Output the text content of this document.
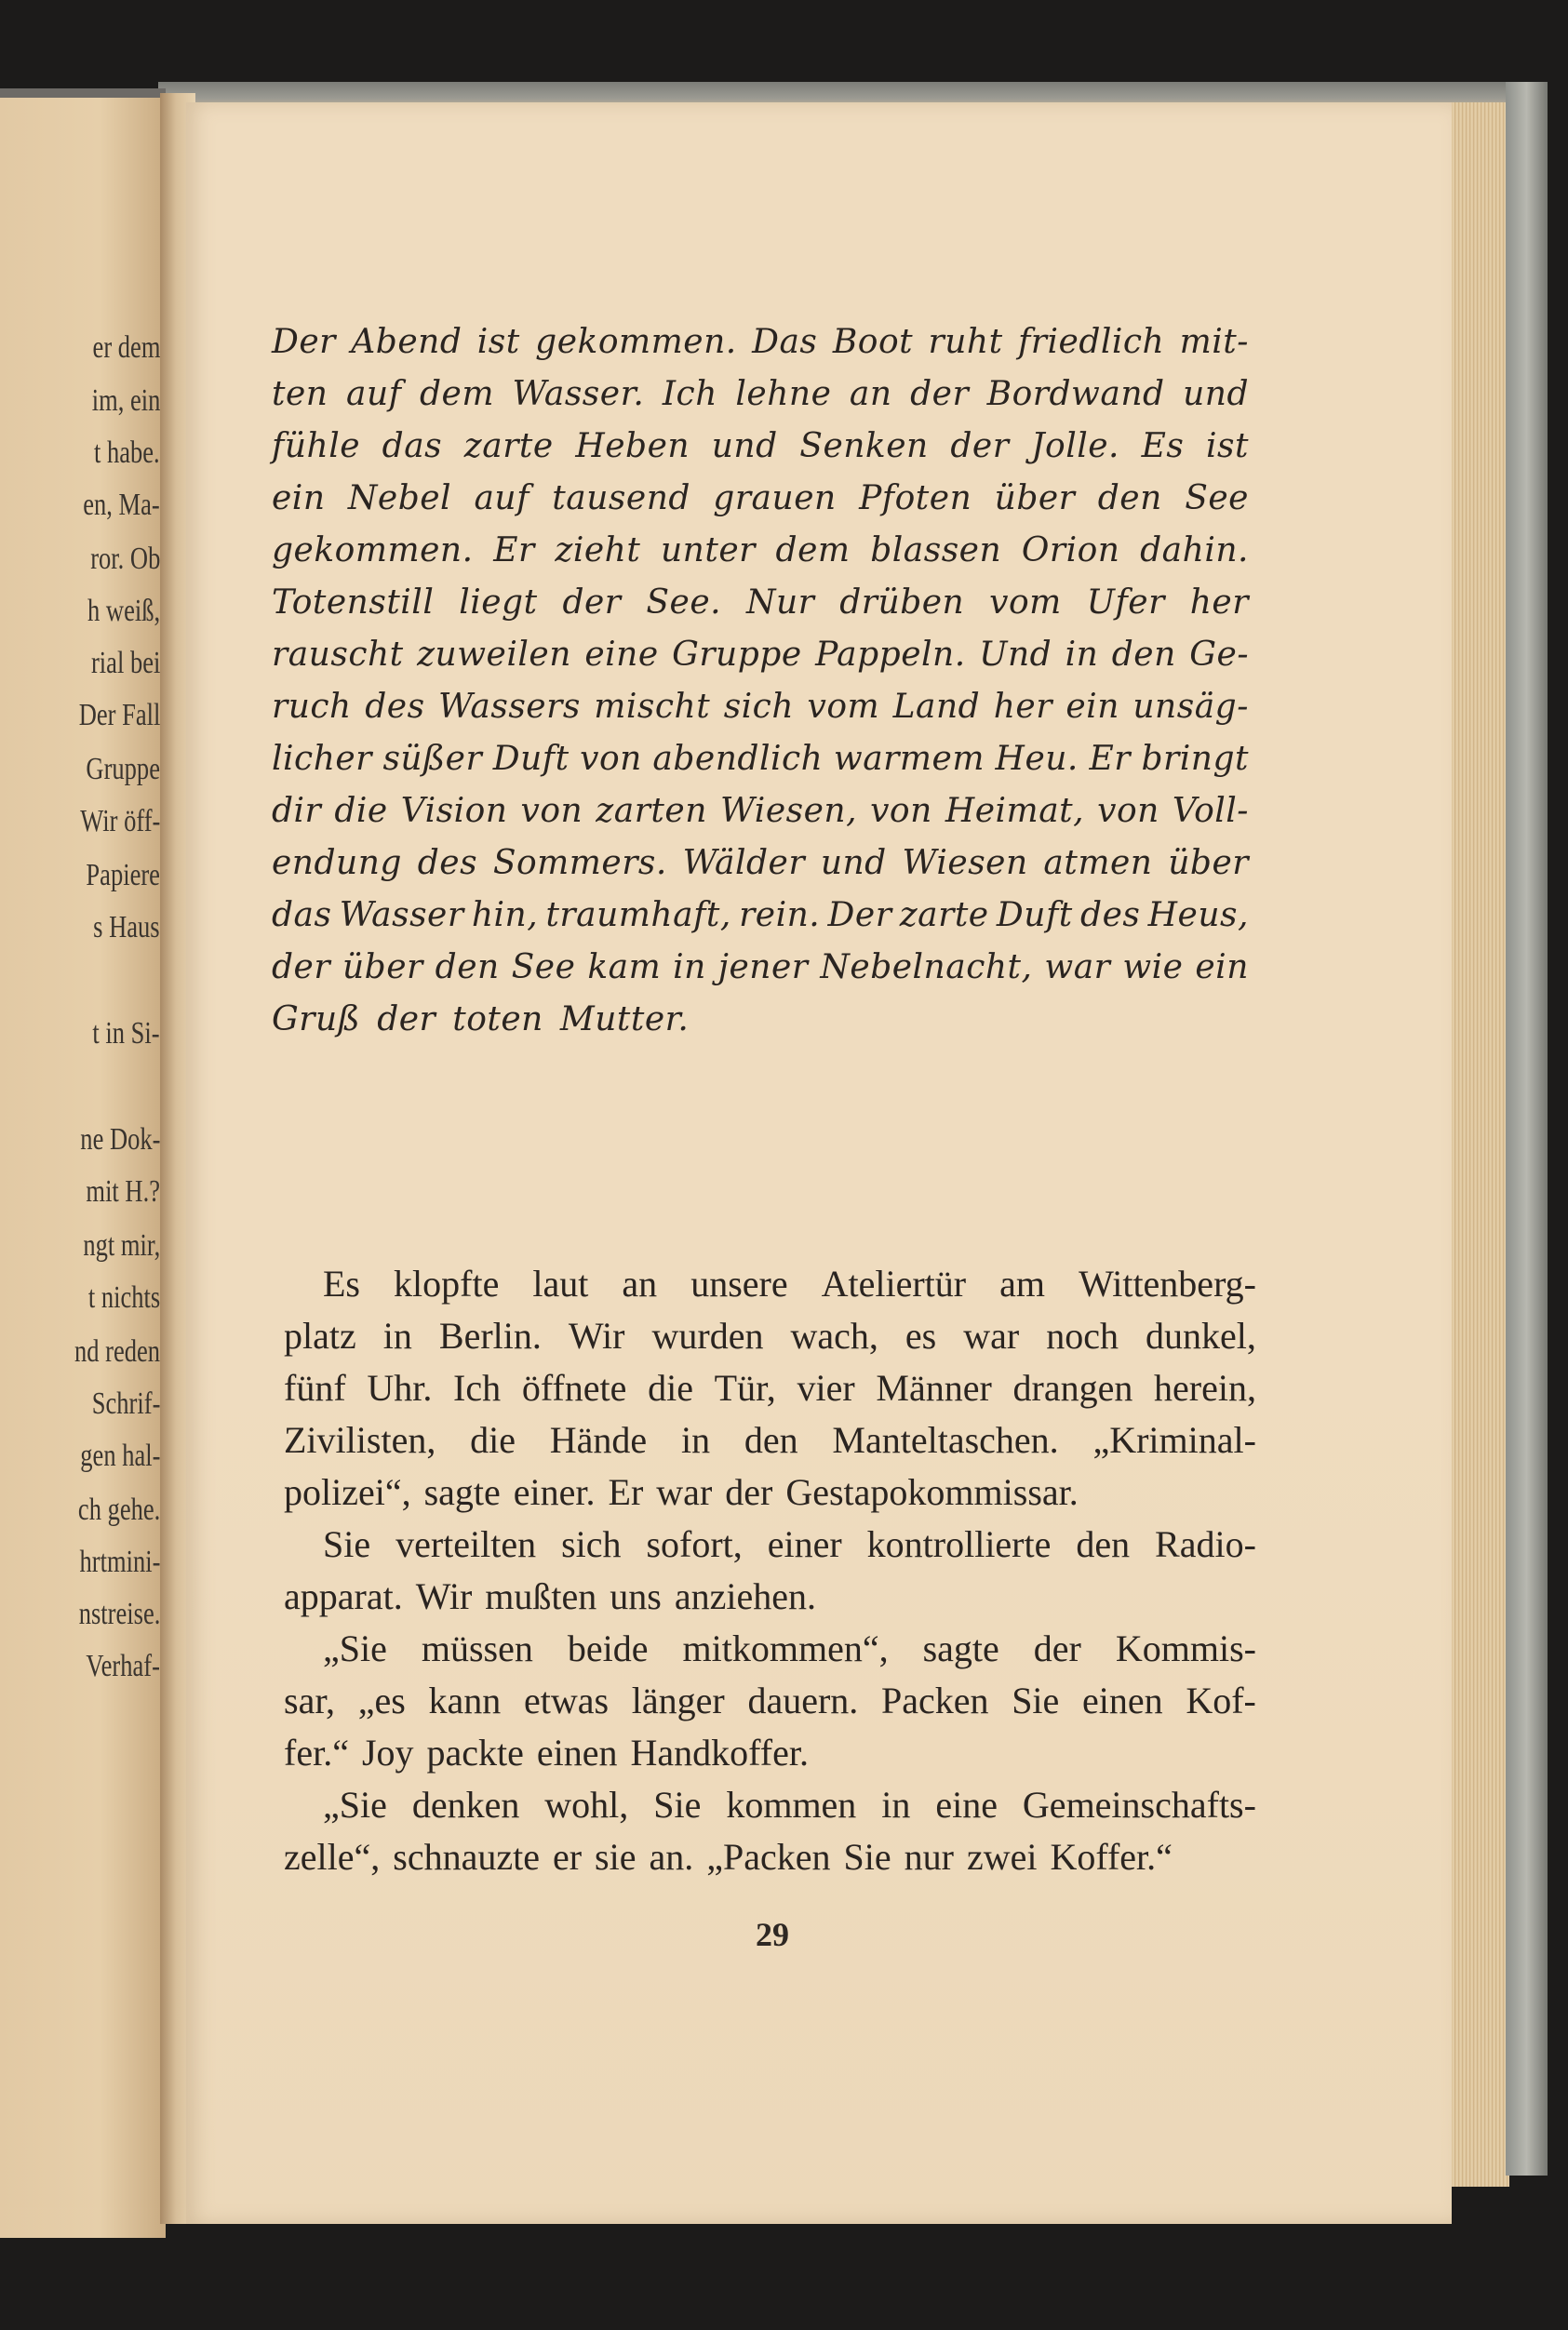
er dem
im, ein
t habe.
en, Ma-
ror. Ob
h weiß,
rial bei
Der Fall
Gruppe
Wir öff-
Papiere
s Haus
t in Si-
ne Dok-
mit H.?
ngt mir,
t nichts
nd reden
Schrif-
gen hal-
ch gehe.
hrtmini-
nstreise.
Verhaf-
Der Abend ist gekommen. Das Boot ruht friedlich mit-
ten auf dem Wasser. Ich lehne an der Bordwand und
fühle das zarte Heben und Senken der Jolle. Es ist
ein Nebel auf tausend grauen Pfoten über den See
gekommen. Er zieht unter dem blassen Orion dahin.
Totenstill liegt der See. Nur drüben vom Ufer her
rauscht zuweilen eine Gruppe Pappeln. Und in den Ge-
ruch des Wassers mischt sich vom Land her ein unsäg-
licher süßer Duft von abendlich warmem Heu. Er bringt
dir die Vision von zarten Wiesen, von Heimat, von Voll-
endung des Sommers. Wälder und Wiesen atmen über
das Wasser hin, traumhaft, rein. Der zarte Duft des Heus,
der über den See kam in jener Nebelnacht, war wie ein
Gruß der toten Mutter.
Es klopfte laut an unsere Ateliertür am Wittenberg-
platz in Berlin. Wir wurden wach, es war noch dunkel,
fünf Uhr. Ich öffnete die Tür, vier Männer drangen herein,
Zivilisten, die Hände in den Manteltaschen. „Kriminal-
polizei“, sagte einer. Er war der Gestapokommissar.
Sie verteilten sich sofort, einer kontrollierte den Radio-
apparat. Wir mußten uns anziehen.
„Sie müssen beide mitkommen“, sagte der Kommis-
sar, „es kann etwas länger dauern. Packen Sie einen Kof-
fer.“ Joy packte einen Handkoffer.
„Sie denken wohl, Sie kommen in eine Gemeinschafts-
zelle“, schnauzte er sie an. „Packen Sie nur zwei Koffer.“
29
